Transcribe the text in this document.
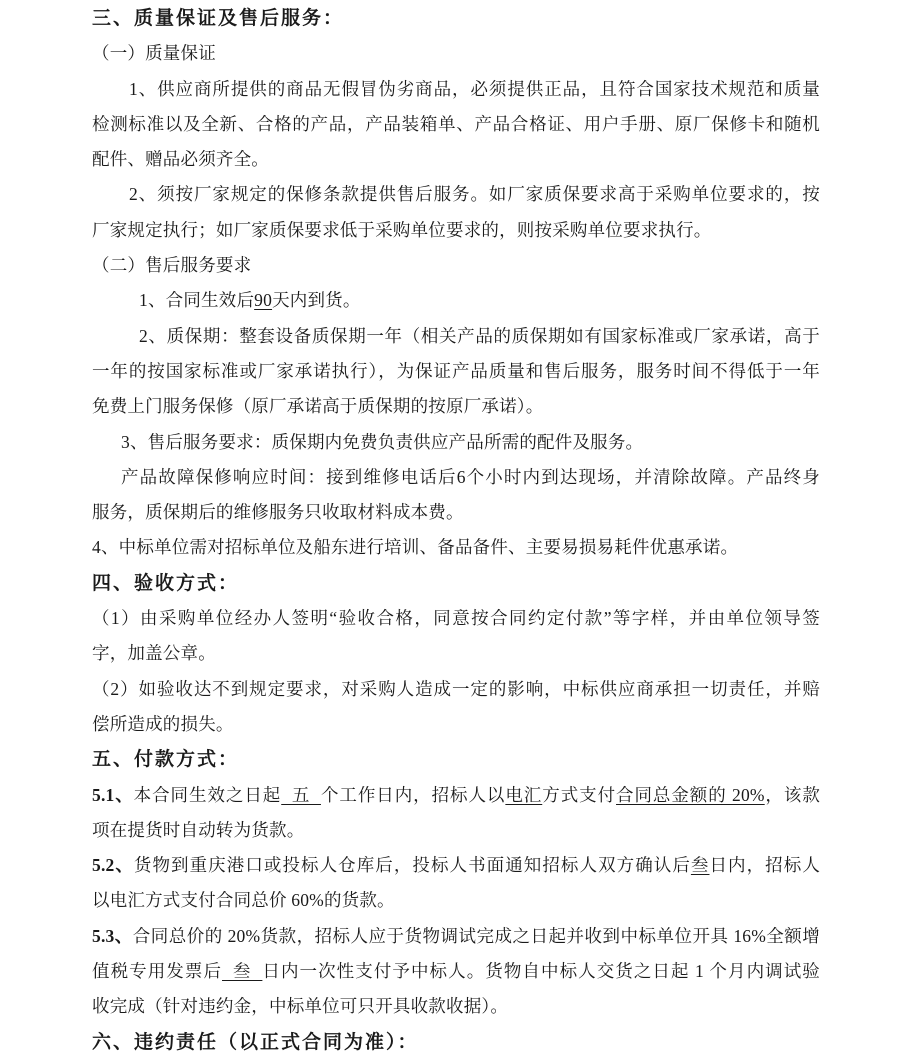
三、质量保证及售后服务：
（一）质量保证
1、供应商所提供的商品无假冒伪劣商品，必须提供正品，且符合国家技术规范和质量
检测标准以及全新、合格的产品，产品装箱单、产品合格证、用户手册、原厂保修卡和随机
配件、赠品必须齐全。
2、须按厂家规定的保修条款提供售后服务。如厂家质保要求高于采购单位要求的，按
厂家规定执行；如厂家质保要求低于采购单位要求的，则按采购单位要求执行。
（二）售后服务要求
1、合同生效后90天内到货。
2、质保期：整套设备质保期一年（相关产品的质保期如有国家标准或厂家承诺，高于
一年的按国家标准或厂家承诺执行），为保证产品质量和售后服务，服务时间不得低于一年
免费上门服务保修（原厂承诺高于质保期的按原厂承诺）。
3、售后服务要求：质保期内免费负责供应产品所需的配件及服务。
产品故障保修响应时间：接到维修电话后6个小时内到达现场，并清除故障。产品终身
服务，质保期后的维修服务只收取材料成本费。
4、中标单位需对招标单位及船东进行培训、备品备件、主要易损易耗件优惠承诺。
四、验收方式：
（1）由采购单位经办人签明“验收合格，同意按合同约定付款”等字样，并由单位领导签
字，加盖公章。
（2）如验收达不到规定要求，对采购人造成一定的影响，中标供应商承担一切责任，并赔
偿所造成的损失。
五、付款方式：
5.1、本合同生效之日起  五  个工作日内，招标人以电汇方式支付合同总金额的 20%，该款
项在提货时自动转为货款。
5.2、货物到重庆港口或投标人仓库后，投标人书面通知招标人双方确认后叁日内，招标人
以电汇方式支付合同总价 60%的货款。
5.3、合同总价的 20%货款，招标人应于货物调试完成之日起并收到中标单位开具 16%全额增
值税专用发票后  叁  日内一次性支付予中标人。货物自中标人交货之日起 1 个月内调试验
收完成（针对违约金，中标单位可只开具收款收据）。
六、违约责任（以正式合同为准）：
